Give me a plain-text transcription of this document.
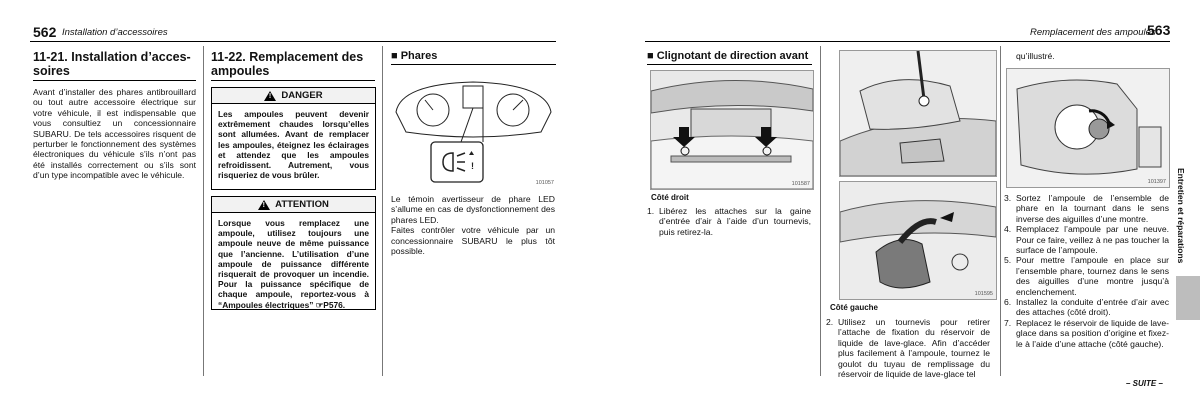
562 Installation d’accessoires
11-21. Installation d’acces-
soires

Avant d’installer des phares antibrouillard ou tout autre accessoire électrique sur votre véhicule, il est indispensable que vous consultiez un concessionnaire SUBARU. De tels accessoires risquent de perturber le fonctionnement des systèmes électroniques du véhicule s’ils n’ont pas été installés correctement ou s’ils sont d’un type incompatible avec le véhicule.

11-22. Remplacement des
ampoules
! DANGER
Les ampoules peuvent devenir extrêmement chaudes lorsqu’elles sont allumées. Avant de remplacer les ampoules, éteignez les éclairages et attendez que les ampoules refroidissent. Autrement, vous risqueriez de vous brûler.
! ATTENTION
Lorsque vous remplacez une ampoule, utilisez toujours une ampoule neuve de même puissance que l’ancienne. L’utilisation d’une ampoule de puissance différente risquerait de provoquer un incendie. Pour la puissance spécifique de chaque ampoule, reportez-vous à “Ampoules électriques” ☞P576.
■ Phares
!
101057

Le témoin avertisseur de phare LED s’allume en cas de dysfonctionnement des phares LED.

Faites contrôler votre véhicule par un concessionnaire SUBARU le plus tôt possible.

Remplacement des ampoules
563
■ Clignotant de direction avant
101587
Côté droit
1. Libérez les attaches sur la gaine d’entrée d’air à l’aide d’un tournevis, puis retirez-la.
101595
Côté gauche
2. Utilisez un tournevis pour retirer l’attache de fixation du réservoir de liquide de lave-glace. Afin d’accéder plus facilement à l’ampoule, tournez le goulot du tuyau de remplissage du réservoir de liquide de lave-glace tel
qu’illustré.
101397
3. Sortez l’ampoule de l’ensemble de phare en la tournant dans le sens inverse des aiguilles d’une montre.
4. Remplacez l’ampoule par une neuve. Pour ce faire, veillez à ne pas toucher la surface de l’ampoule.
5. Pour mettre l’ampoule en place sur l’ensemble phare, tournez dans le sens des aiguilles d’une montre jusqu’à enclenchement.
6. Installez la conduite d’entrée d’air avec des attaches (côté droit).
7. Replacez le réservoir de liquide de lave-glace dans sa position d’origine et fixez-le à l’aide d’une attache (côté gauche).
– SUITE –
Entretien et réparations
